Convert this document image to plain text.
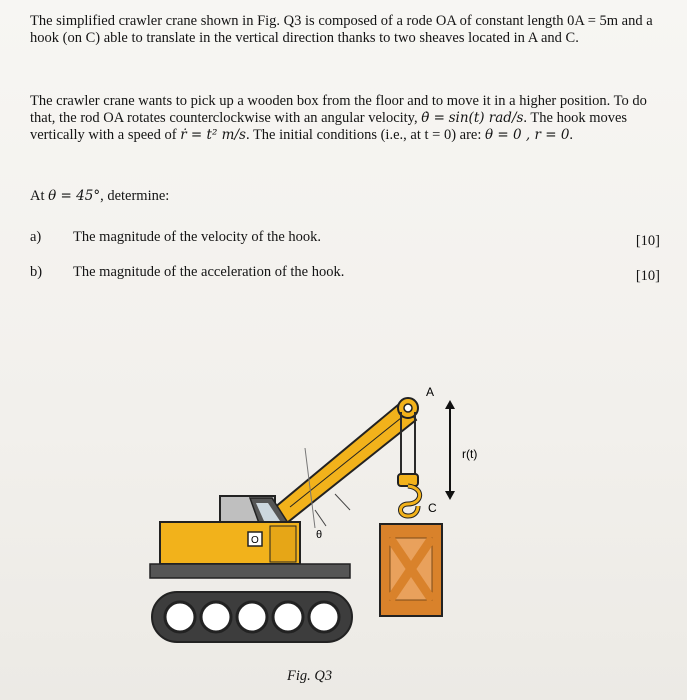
The simplified crawler crane shown in Fig. Q3 is composed of a rode OA of constant length 0A = 5m and a hook (on C) able to translate in the vertical direction thanks to two sheaves located in A and C.

The crawler crane wants to pick up a wooden box from the floor and to move it in a higher position. To do that, the rod OA rotates counterclockwise with an angular velocity, θ̇ = sin(t) rad/s. The hook moves vertically with a speed of ṙ = t² m/s. The initial conditions (i.e., at t = 0) are: θ = 0 , r = 0.

At θ = 45°, determine:

a) The magnitude of the velocity of the hook.	[10]
b) The magnitude of the acceleration of the hook.	[10]
A
r(t)
C
θ
O
Fig. Q3
